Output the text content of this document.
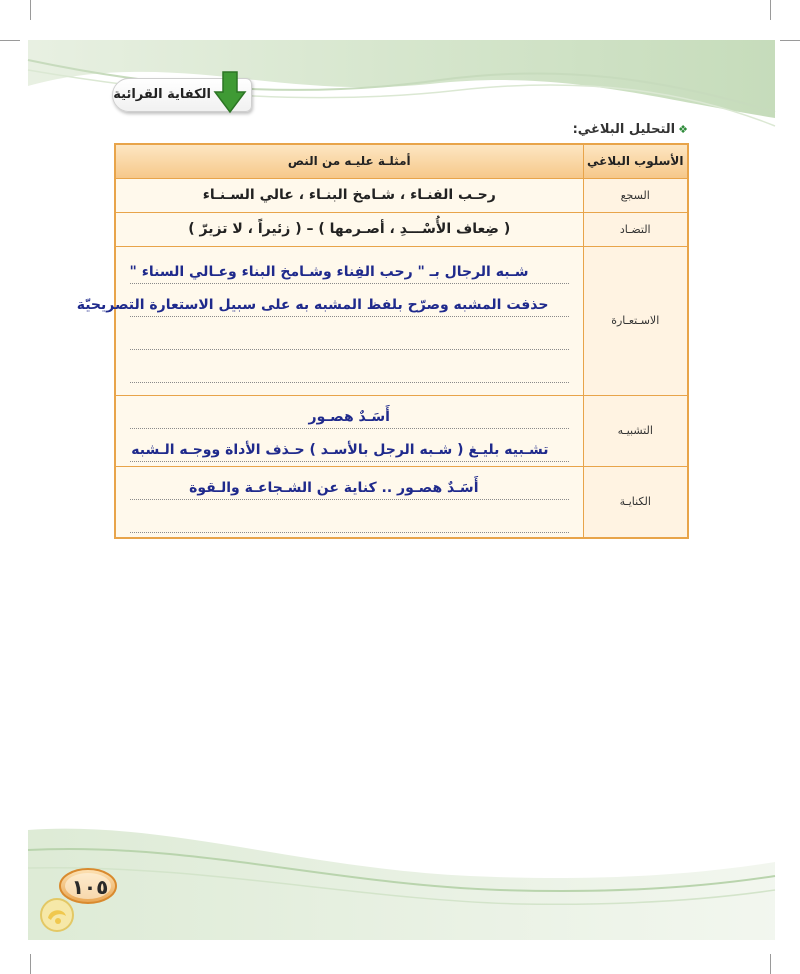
الكفاية القرائية
❖التحليل البلاغي:
الأسلوب البلاغي	أمثلـة عليـه من النص
السجع	رحـب الفنـاء ، شـامخ البنـاء ، عالي السـنـاء

التضـاد	( ضِعاف الأُسْـــدِ ، أصـرمها ) – ( زئيراً ، لا تزيرّ )

الاسـتعـارة	شـبه الرجال بـ " رحب الفِناء وشـامخ البناء وعـالي السناء "
حذفت المشبه وصرّح بلفظ المشبه به على سبيل الاستعارة التصريحيّة

التشبيـه	أَسَـدٌ هصـور
تشـبيه بليـغ ( شـبه الرجل بالأسـد ) حـذف الأداة ووجـه الـشبه

الكنايـة	أَسَـدٌ هصـور .. كناية عن الشـجاعـة والـقوة
١٠٥
